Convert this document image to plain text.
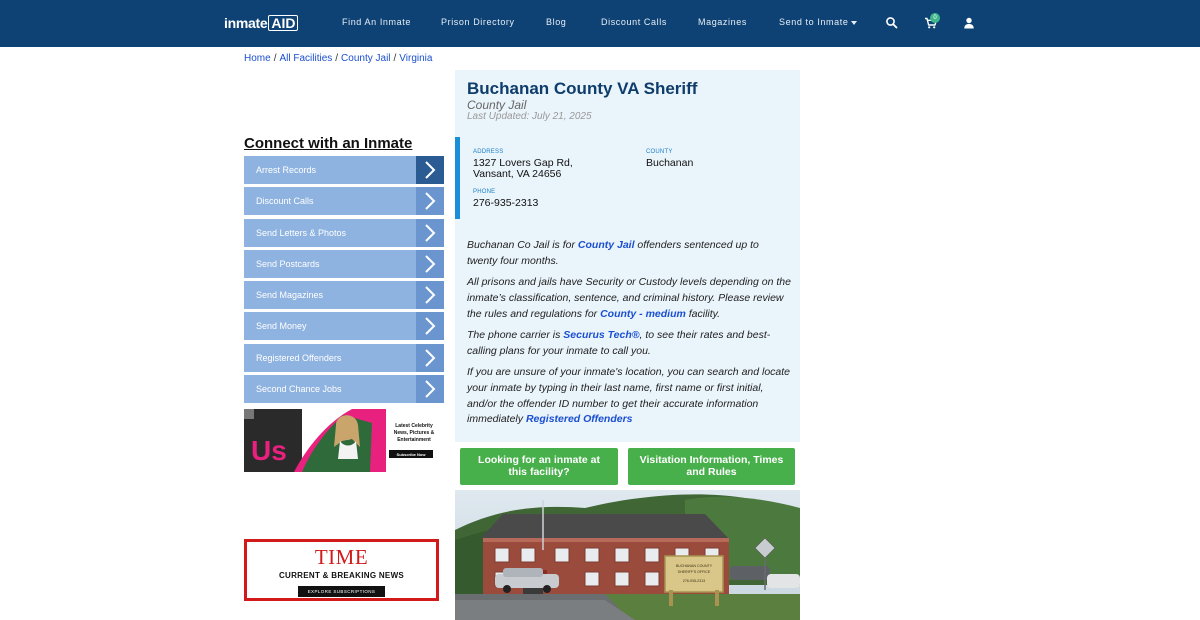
inmate AID	Find An Inmate	Prison Directory	Blog	Discount Calls	Magazines	Send to Inmate	0
Home / All Facilities / County Jail / Virginia
Connect with an Inmate
Arrest Records
Discount Calls
Send Letters & Photos
Send Postcards
Send Magazines
Send Money
Registered Offenders
Second Chance Jobs
Us
Latest Celebrity
News, Pictures &
Entertainment
Subscribe Now
TIME
CURRENT & BREAKING NEWS
EXPLORE SUBSCRIPTIONS
Buchanan County VA Sheriff
County Jail
Last Updated: July 21, 2025
ADDRESS
1327 Lovers Gap Rd,
Vansant, VA 24656
COUNTY
Buchanan
PHONE
276-935-2313

Buchanan Co Jail is for County Jail offenders sentenced up to twenty four months.

All prisons and jails have Security or Custody levels depending on the inmate’s classification, sentence, and criminal history. Please review the rules and regulations for County - medium facility.

The phone carrier is Securus Tech®, to see their rates and best-calling plans for your inmate to call you.

If you are unsure of your inmate's location, you can search and locate your inmate by typing in their last name, first name or first initial, and/or the offender ID number to get their accurate information immediately Registered Offenders

Looking for an inmate at this facility?
Visitation Information, Times and Rules
BUCHANAN COUNTY
SHERIFF'S OFFICE
276-935-2313
